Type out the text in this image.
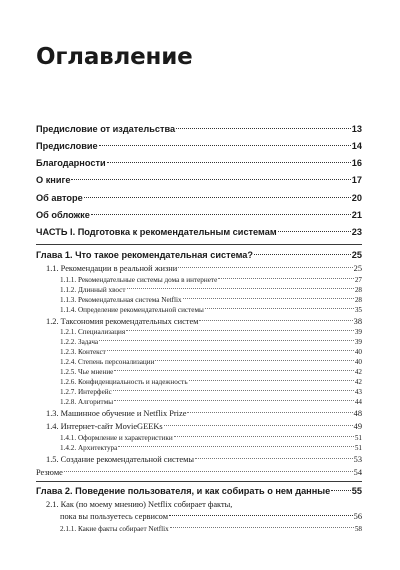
Оглавление
Предисловие от издательства	13
Предисловие	14
Благодарности	16
О книге	17
Об авторе	20
Об обложке	21
ЧАСТЬ I. Подготовка к рекомендательным системам	23
Глава 1. Что такое рекомендательная система?	25
1.1. Рекомендации в реальной жизни	25
1.1.1. Рекомендательные системы дома в интернете	27
1.1.2. Длинный хвост	28
1.1.3. Рекомендательная система Netflix	28
1.1.4. Определение рекомендательной системы	35
1.2. Таксономия рекомендательных систем	38
1.2.1. Специализация	39
1.2.2. Задача	39
1.2.3. Контекст	40
1.2.4. Степень персонализации	40
1.2.5. Чье мнение	42
1.2.6. Конфиденциальность и надежность	42
1.2.7. Интерфейс	43
1.2.8. Алгоритмы	44
1.3. Машинное обучение и Netflix Prize	48
1.4. Интернет-сайт MovieGEEKs	49
1.4.1. Оформление и характеристики	51
1.4.2. Архитектура	51
1.5. Создание рекомендательной системы	53
Резюме	54
Глава 2. Поведение пользователя, и как собирать о нем данные 55
2.1. Как (по моему мнению) Netflix собирает факты,
пока вы пользуетесь сервисом	56
2.1.1. Какие факты собирает Netflix	58
